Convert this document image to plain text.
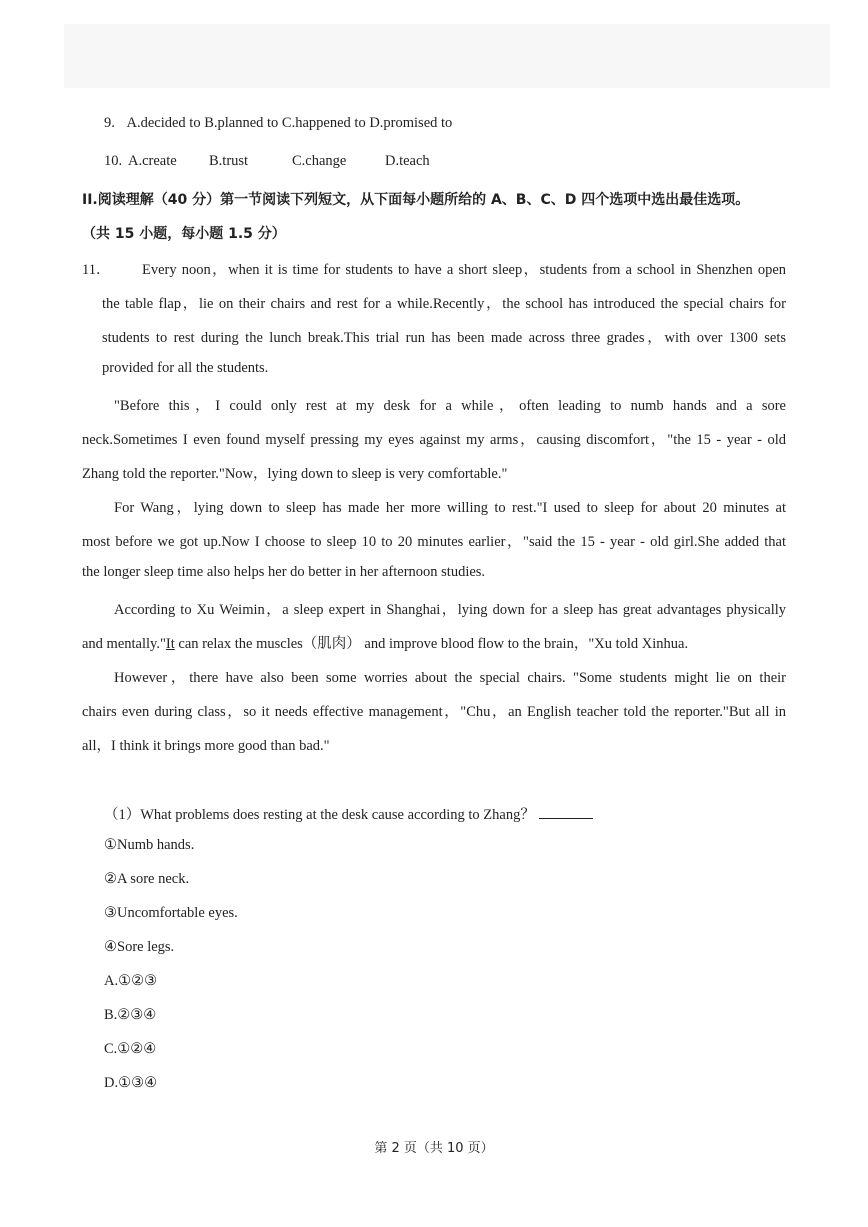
9. A.decided to B.planned to C.happened to D.promised to
10. A.create B.trust	C.change	D.teach
II.阅读理解（40 分）第一节阅读下列短文，从下面每小题所给的 A、B、C、D 四个选项中选出最佳选项。
（共 15 小题，每小题 1.5 分）
11． Every noon，when it is time for students to have a short sleep，students from a school in Shenzhen open
the table flap，lie on their chairs and rest for a while.Recently，the school has introduced the special chairs for
students to rest during the lunch break.This trial run has been made across three grades，with over 1300 sets
provided for all the students.
"Before this，I could only rest at my desk for a while，often leading to numb hands and a sore
neck.Sometimes I even found myself pressing my eyes against my arms，causing discomfort，"the 15 - year - old
Zhang told the reporter."Now，lying down to sleep is very comfortable."
For Wang，lying down to sleep has made her more willing to rest."I used to sleep for about 20 minutes at
most before we got up.Now I choose to sleep 10 to 20 minutes earlier，"said the 15 - year - old girl.She added that
the longer sleep time also helps her do better in her afternoon studies.
According to Xu Weimin，a sleep expert in Shanghai，lying down for a sleep has great advantages physically
and mentally."It can relax the muscles（肌肉） and improve blood flow to the brain，"Xu told Xinhua.
However，there have also been some worries about the special chairs. "Some students might lie on their
chairs even during class，so it needs effective management，"Chu，an English teacher told the reporter."But all in
all，I think it brings more good than bad."
（1）What problems does resting at the desk cause according to Zhang？
①Numb hands.
②A sore neck.
③Uncomfortable eyes.
④Sore legs.
A.①②③
B.②③④
C.①②④
D.①③④
第 2 页（共 10 页）
